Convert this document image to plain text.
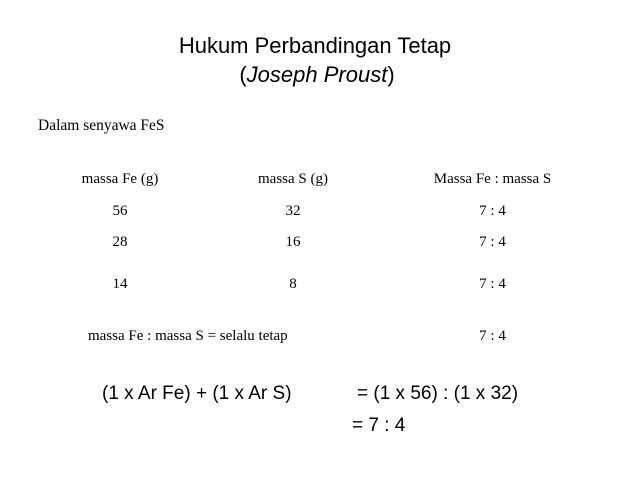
Hukum Perbandingan Tetap
(Joseph Proust)
Dalam senyawa FeS
massa Fe (g)	massa S (g)	Massa Fe : massa S
56	32	7 : 4
28	16	7 : 4
14	8	7 : 4
massa Fe : massa S = selalu tetap	7 : 4
(1 x Ar Fe) + (1 x Ar S)	= (1 x 56) : (1 x 32)
= 7 : 4
